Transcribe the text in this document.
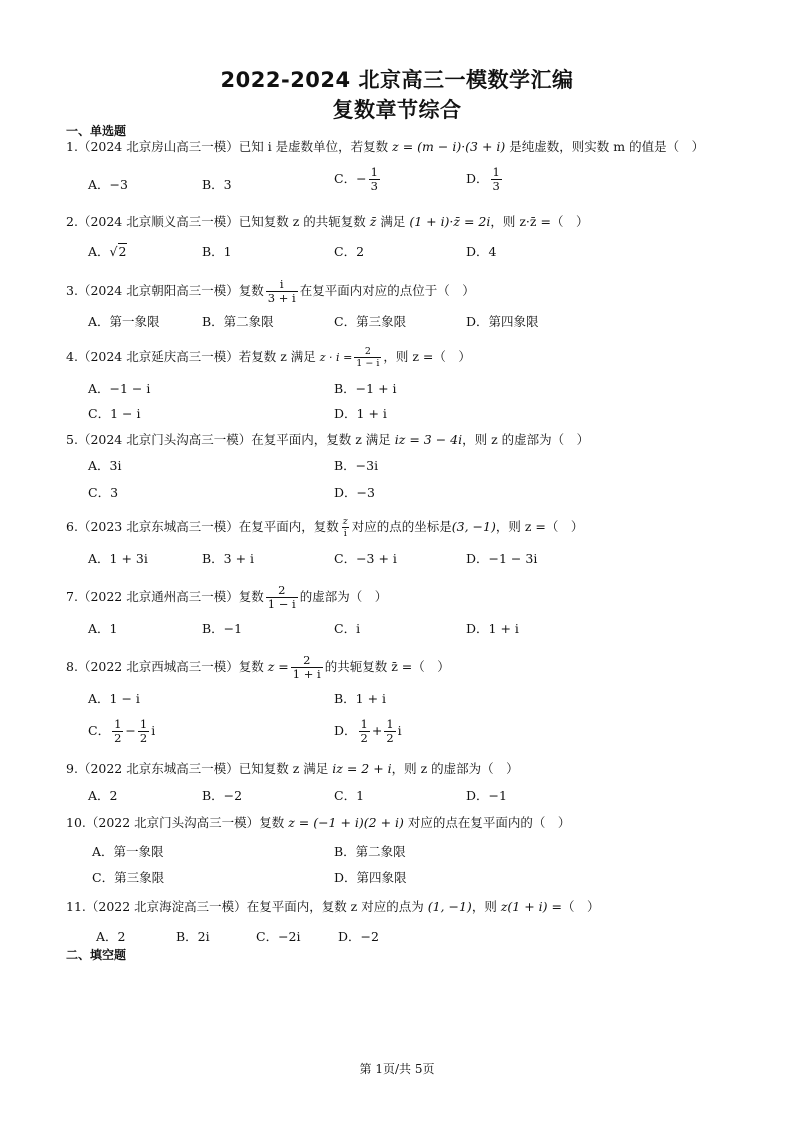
2022-2024 北京高三一模数学汇编
复数章节综合
一、单选题
1.（2024 北京房山高三一模）已知 i 是虚数单位，若复数 z = (m − i)·(3 + i) 是纯虚数，则实数 m 的值是（　）
A．−3	B．3	C．− $\frac{1}{3}$	D． $\frac{1}{3}$
2.（2024 北京顺义高三一模）已知复数 z 的共轭复数 z̄ 满足 (1 + i)·z̄ = 2i，则 z·z̄ =（　）
A．√2	B．1	C．2	D．4
3.（2024 北京朝阳高三一模）复数 $\frac{i}{3 + i}$ 在复平面内对应的点位于（　）
A．第一象限	B．第二象限	C．第三象限	D．第四象限
4.（2024 北京延庆高三一模）若复数 z 满足 $z \cdot i = \frac{2}{1 - i}$ ，则 z =（　）
A．−1 − i	B．−1 + i
C．1 − i	D．1 + i
5.（2024 北京门头沟高三一模）在复平面内，复数 z 满足 iz = 3 − 4i，则 z 的虚部为（　）
A．3i	B．−3i
C．3	D．−3
6.（2023 北京东城高三一模）在复平面内，复数 $\frac{z}{i}$ 对应的点的坐标是(3, −1)，则 z =（　）
A．1 + 3i	B．3 + i	C．−3 + i	D．−1 − 3i
7.（2022 北京通州高三一模）复数 $\frac{2}{1 - i}$ 的虚部为（　）
A．1	B．−1	C．i	D．1 + i
8.（2022 北京西城高三一模）复数 $z = \frac{2}{1 + i}$ 的共轭复数 z̄ =（　）
A．1 − i	B．1 + i
C． $\frac{1}{2} - \frac{1}{2}$ i	D． $\frac{1}{2} + \frac{1}{2}$ i
9.（2022 北京东城高三一模）已知复数 z 满足 iz = 2 + i，则 z 的虚部为（　）
A．2	B．−2	C．1	D．−1
10.（2022 北京门头沟高三一模）复数 z = (−1 + i)(2 + i) 对应的点在复平面内的（　）
A．第一象限	B．第二象限
C．第三象限	D．第四象限
11.（2022 北京海淀高三一模）在复平面内，复数 z 对应的点为 (1, −1)，则 z(1 + i) =（　）
A．2	B．2i	C．−2i	D．−2
二、填空题
第 1页/共 5页
